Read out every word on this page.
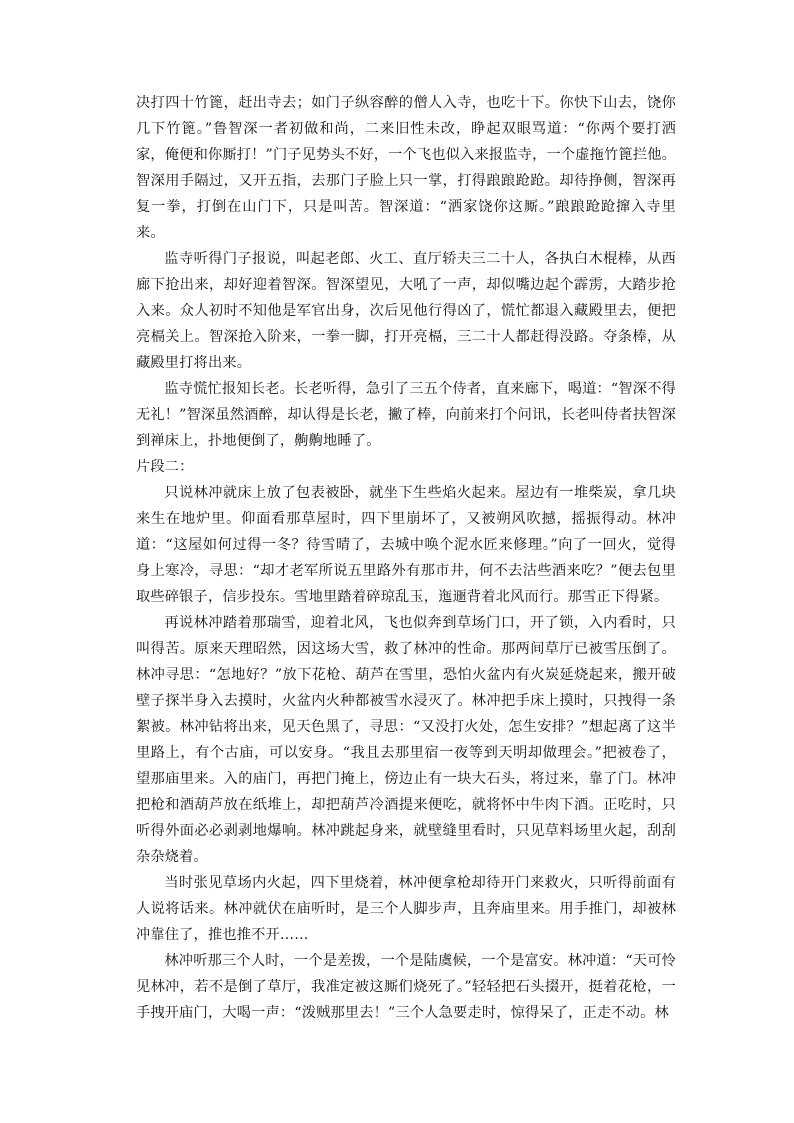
决打四十竹篦，赶出寺去；如门子纵容醉的僧人入寺，也吃十下。你快下山去，饶你几下竹篦。”鲁智深一者初做和尚，二来旧性未改，睁起双眼骂道：“你两个要打洒家，俺便和你厮打！”门子见势头不好，一个飞也似入来报监寺，一个虚拖竹篦拦他。智深用手隔过，又开五指，去那门子脸上只一掌，打得踉踉跄跄。却待挣侧，智深再复一拳，打倒在山门下，只是叫苦。智深道：“洒家饶你这厮。”踉踉跄跄撺入寺里来。

监寺听得门子报说，叫起老郎、火工、直厅轿夫三二十人，各执白木棍棒，从西廊下抢出来，却好迎着智深。智深望见，大吼了一声，却似嘴边起个霹雳，大踏步抢入来。众人初时不知他是军官出身，次后见他行得凶了，慌忙都退入藏殿里去，便把亮槅关上。智深抢入阶来，一拳一脚，打开亮槅，三二十人都赶得没路。夺条棒，从藏殿里打将出来。

监寺慌忙报知长老。长老听得，急引了三五个侍者，直来廊下，喝道：“智深不得无礼！”智深虽然酒醉，却认得是长老，撇了棒，向前来打个问讯，长老叫侍者扶智深到禅床上，扑地便倒了，齁齁地睡了。

片段二：

只说林冲就床上放了包表被卧，就坐下生些焰火起来。屋边有一堆柴炭，拿几块来生在地炉里。仰面看那草屋时，四下里崩坏了，又被朔风吹撼，摇振得动。林冲道：“这屋如何过得一冬？待雪晴了，去城中唤个泥水匠来修理。”向了一回火，觉得身上寒冷，寻思：“却才老军所说五里路外有那市井，何不去沽些酒来吃？”便去包里取些碎银子，信步投东。雪地里踏着碎琼乱玉，迤逦背着北风而行。那雪正下得紧。

再说林冲踏着那瑞雪，迎着北风，飞也似奔到草场门口，开了锁，入内看时，只叫得苦。原来天理昭然，因这场大雪，救了林冲的性命。那两间草厅已被雪压倒了。林冲寻思：“怎地好？”放下花枪、葫芦在雪里，恐怕火盆内有火炭延烧起来，搬开破壁子探半身入去摸时，火盆内火种都被雪水浸灭了。林冲把手床上摸时，只拽得一条絮被。林冲钻将出来，见天色黑了，寻思：“又没打火处，怎生安排？”想起离了这半里路上，有个古庙，可以安身。“我且去那里宿一夜等到天明却做理会。”把被卷了，望那庙里来。入的庙门，再把门掩上，傍边止有一块大石头，将过来，靠了门。林冲把枪和酒葫芦放在纸堆上，却把葫芦冷酒提来便吃，就将怀中牛肉下酒。正吃时，只听得外面必必剥剥地爆响。林冲跳起身来，就壁缝里看时，只见草料场里火起，刮刮杂杂烧着。

当时张见草场内火起，四下里烧着，林冲便拿枪却待开门来救火，只听得前面有人说将话来。林冲就伏在庙听时，是三个人脚步声，且奔庙里来。用手推门，却被林冲靠住了，推也推不开……

林冲听那三个人时，一个是差拨，一个是陆虞候，一个是富安。林冲道：“天可怜见林冲，若不是倒了草厅，我准定被这厮们烧死了。”轻轻把石头掇开，挺着花枪，一手拽开庙门，大喝一声：“泼贼那里去！”三个人急要走时，惊得呆了，正走不动。林
